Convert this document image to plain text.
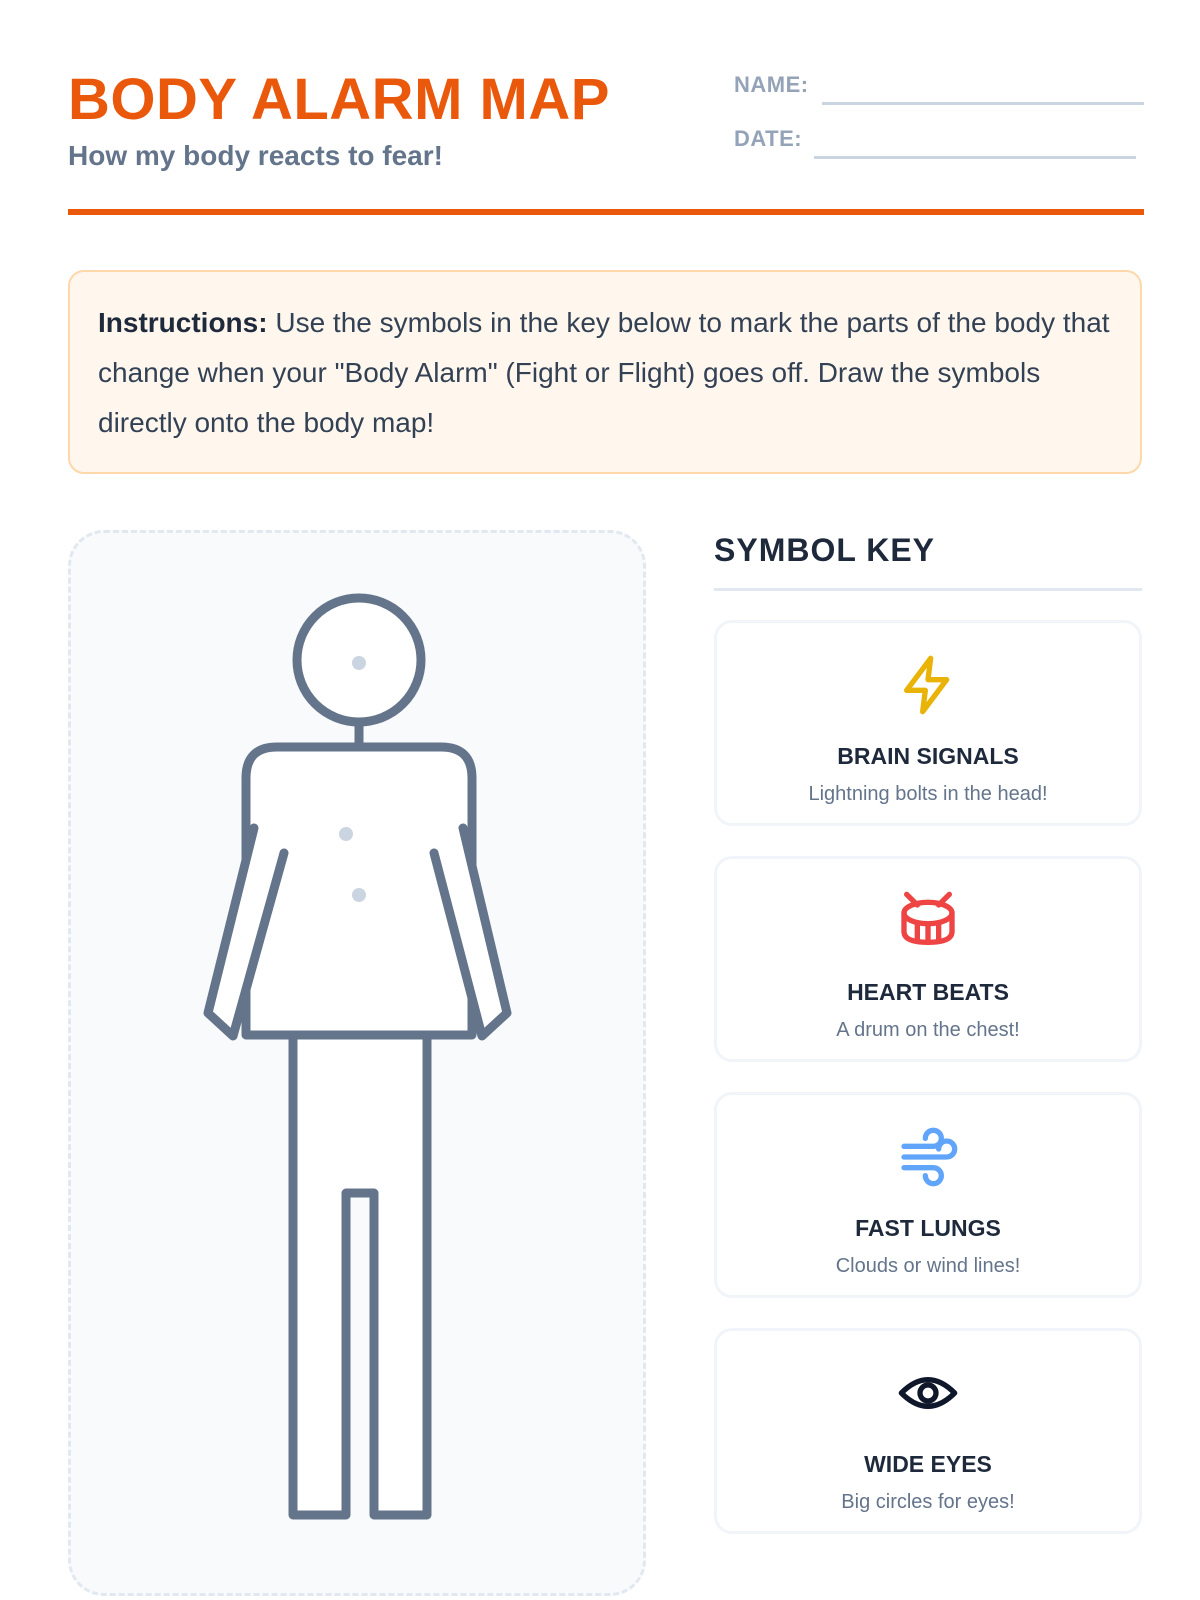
BODY ALARM MAP
How my body reacts to fear!
NAME:
DATE:
Instructions: Use the symbols in the key below to mark the parts of the body that change when your "Body Alarm" (Fight or Flight) goes off. Draw the symbols directly onto the body map!
SYMBOL KEY
BRAIN SIGNALS
Lightning bolts in the head!
HEART BEATS
A drum on the chest!
FAST LUNGS
Clouds or wind lines!
WIDE EYES
Big circles for eyes!
